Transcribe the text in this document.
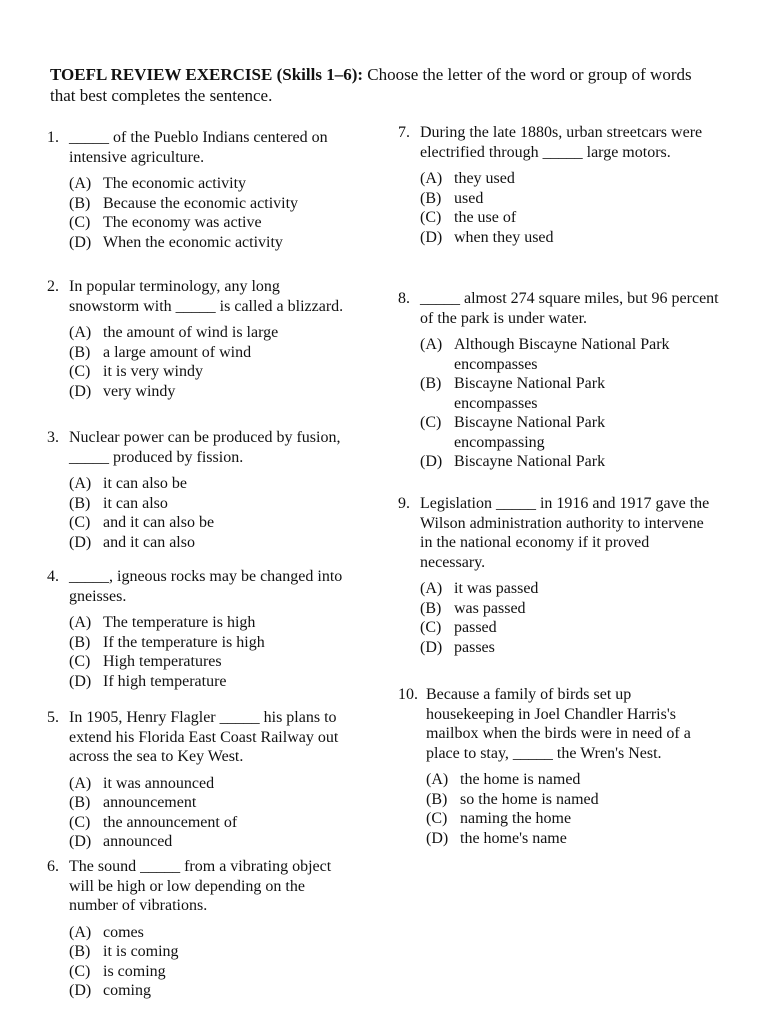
TOEFL REVIEW EXERCISE (Skills 1–6): Choose the letter of the word or group of words that best completes the sentence.
1. _____ of the Pueblo Indians centered on intensive agriculture.
(A) The economic activity
(B) Because the economic activity
(C) The economy was active
(D) When the economic activity
2. In popular terminology, any long snowstorm with _____ is called a blizzard.
(A) the amount of wind is large
(B) a large amount of wind
(C) it is very windy
(D) very windy
3. Nuclear power can be produced by fusion, _____ produced by fission.
(A) it can also be
(B) it can also
(C) and it can also be
(D) and it can also
4. _____, igneous rocks may be changed into gneisses.
(A) The temperature is high
(B) If the temperature is high
(C) High temperatures
(D) If high temperature
5. In 1905, Henry Flagler _____ his plans to extend his Florida East Coast Railway out across the sea to Key West.
(A) it was announced
(B) announcement
(C) the announcement of
(D) announced
6. The sound _____ from a vibrating object will be high or low depending on the number of vibrations.
(A) comes
(B) it is coming
(C) is coming
(D) coming
7. During the late 1880s, urban streetcars were electrified through _____ large motors.
(A) they used
(B) used
(C) the use of
(D) when they used
8. _____ almost 274 square miles, but 96 percent of the park is under water.
(A) Although Biscayne National Park encompasses
(B) Biscayne National Park encompasses
(C) Biscayne National Park encompassing
(D) Biscayne National Park
9. Legislation _____ in 1916 and 1917 gave the Wilson administration authority to intervene in the national economy if it proved necessary.
(A) it was passed
(B) was passed
(C) passed
(D) passes
10. Because a family of birds set up housekeeping in Joel Chandler Harris's mailbox when the birds were in need of a place to stay, _____ the Wren's Nest.
(A) the home is named
(B) so the home is named
(C) naming the home
(D) the home's name
